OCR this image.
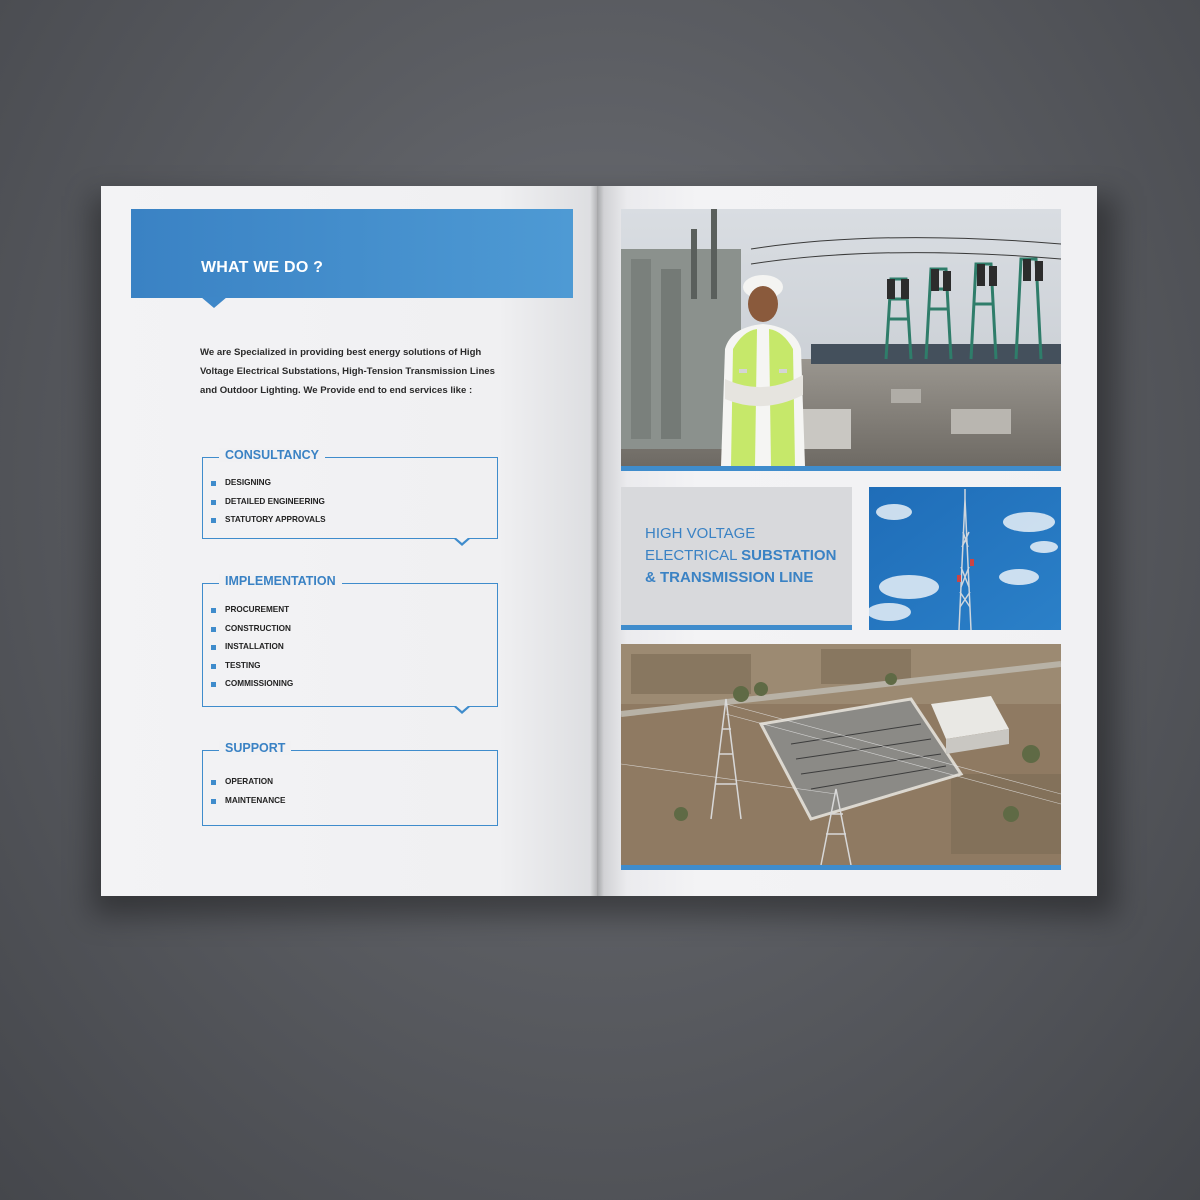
WHAT WE DO ?
We are Specialized in providing best energy solutions of High
Voltage Electrical Substations, High-Tension Transmission Lines
and Outdoor Lighting. We Provide end to end services like :
CONSULTANCY
DESIGNING
DETAILED ENGINEERING
STATUTORY APPROVALS
IMPLEMENTATION
PROCUREMENT
CONSTRUCTION
INSTALLATION
TESTING
COMMISSIONING
SUPPORT
OPERATION
MAINTENANCE
HIGH VOLTAGE
ELECTRICAL SUBSTATION
& TRANSMISSION LINE
